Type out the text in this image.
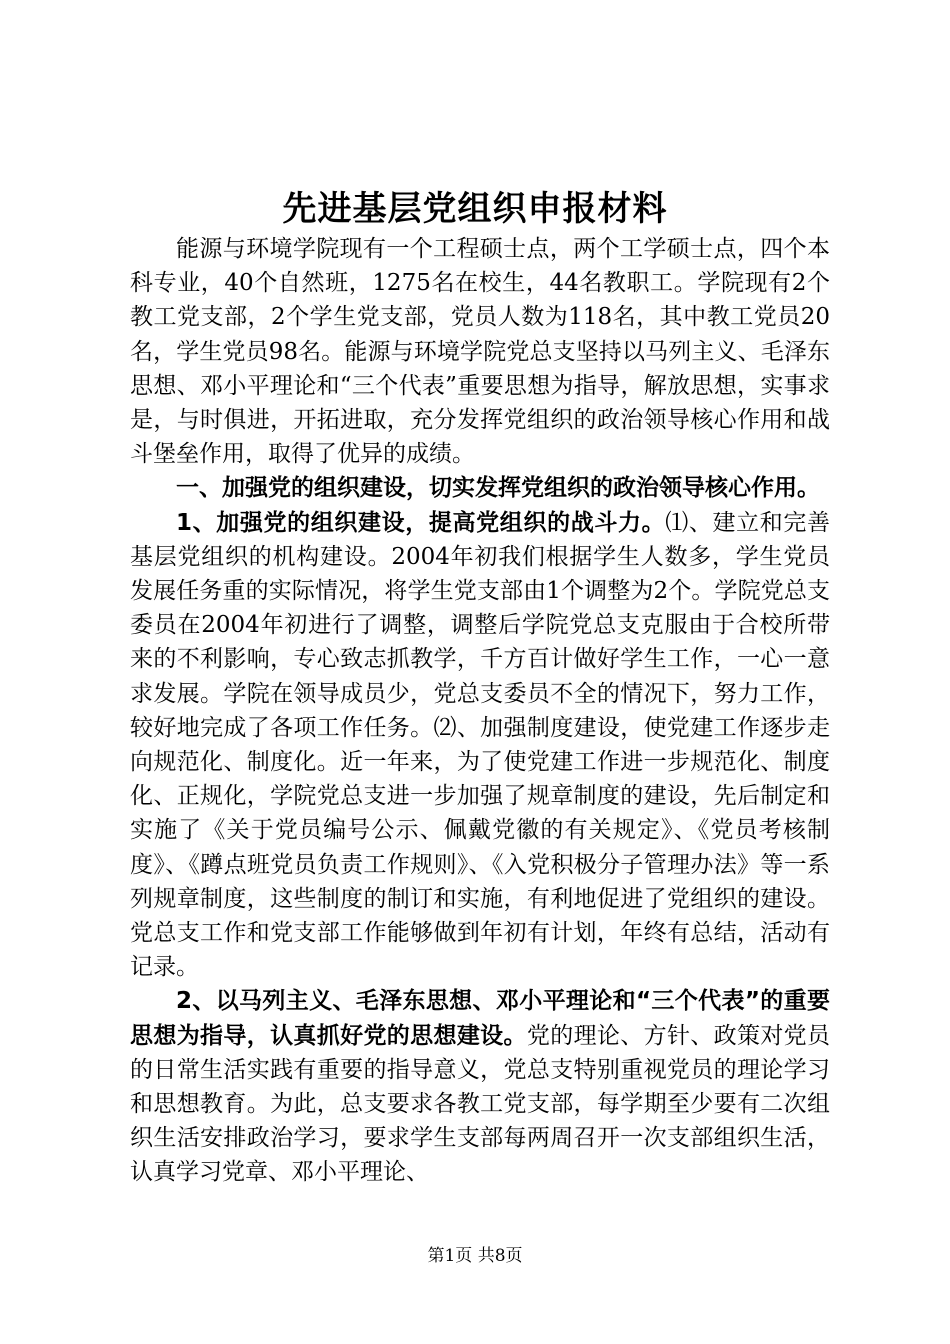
先进基层党组织申报材料

能源与环境学院现有一个工程硕士点，两个工学硕士点，四个本科专业，40个自然班，1275名在校生，44名教职工。学院现有2个教工党支部，2个学生党支部，党员人数为118名，其中教工党员20名，学生党员98名。能源与环境学院党总支坚持以马列主义、毛泽东思想、邓小平理论和“三个代表”重要思想为指导，解放思想，实事求是，与时俱进，开拓进取，充分发挥党组织的政治领导核心作用和战斗堡垒作用，取得了优异的成绩。

一、加强党的组织建设，切实发挥党组织的政治领导核心作用。

1、加强党的组织建设，提高党组织的战斗力。⑴、建立和完善基层党组织的机构建设。2004年初我们根据学生人数多，学生党员发展任务重的实际情况，将学生党支部由1个调整为2个。学院党总支委员在2004年初进行了调整，调整后学院党总支克服由于合校所带来的不利影响，专心致志抓教学，千方百计做好学生工作，一心一意求发展。学院在领导成员少，党总支委员不全的情况下，努力工作，较好地完成了各项工作任务。⑵、加强制度建设，使党建工作逐步走向规范化、制度化。近一年来，为了使党建工作进一步规范化、制度化、正规化，学院党总支进一步加强了规章制度的建设，先后制定和实施了《关于党员编号公示、佩戴党徽的有关规定》、《党员考核制度》、《蹲点班党员负责工作规则》、《入党积极分子管理办法》等一系列规章制度，这些制度的制订和实施，有利地促进了党组织的建设。党总支工作和党支部工作能够做到年初有计划，年终有总结，活动有记录。

2、以马列主义、毛泽东思想、邓小平理论和“三个代表”的重要思想为指导，认真抓好党的思想建设。党的理论、方针、政策对党员的日常生活实践有重要的指导意义，党总支特别重视党员的理论学习和思想教育。为此，总支要求各教工党支部，每学期至少要有二次组织生活安排政治学习，要求学生支部每两周召开一次支部组织生活，认真学习党章、邓小平理论、

第1页 共8页
